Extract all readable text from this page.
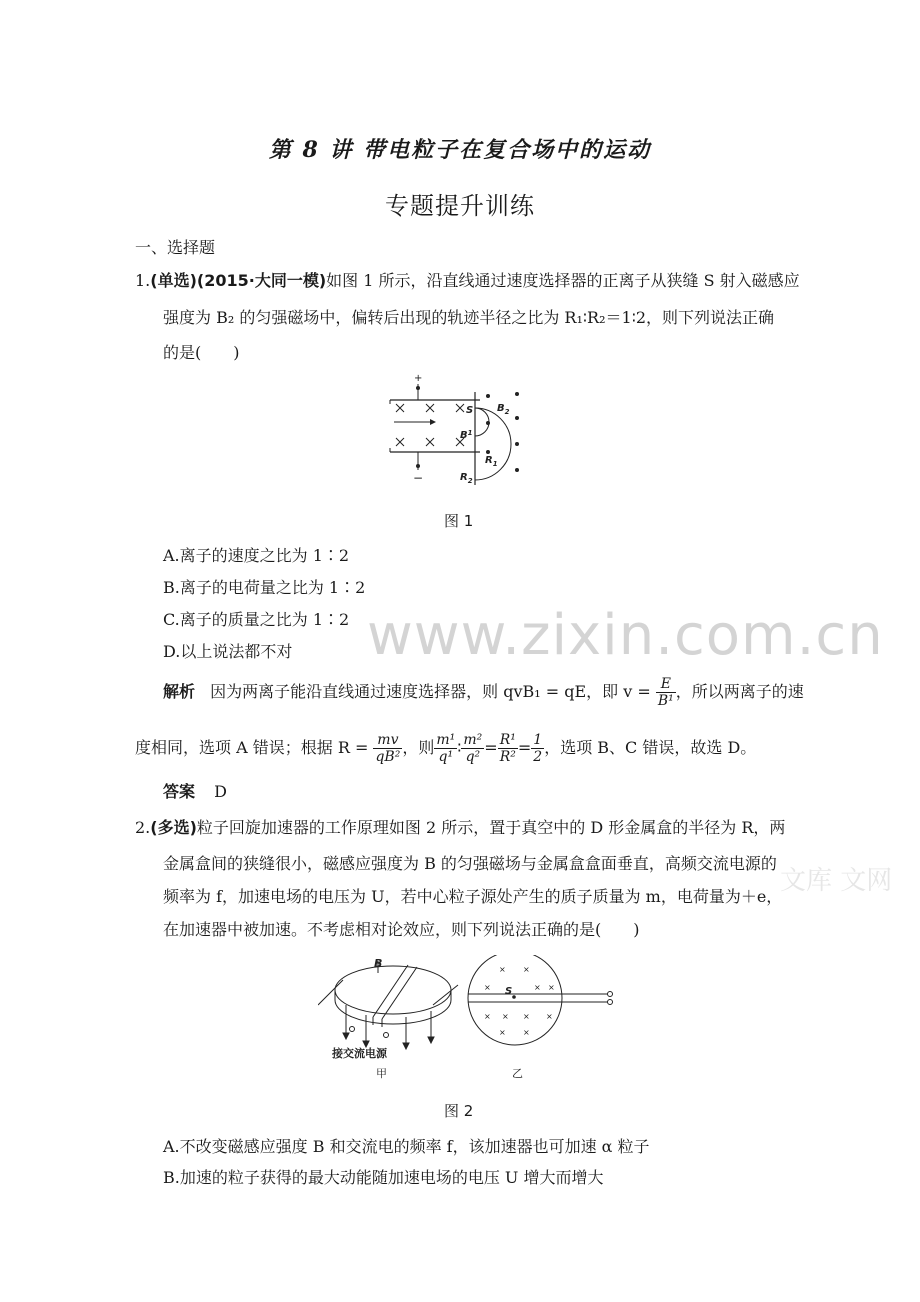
www.zixin.com.cn
文库 文网
第 8 讲 带电粒子在复合场中的运动
专题提升训练
一、选择题
1.(单选)(2015·大同一模)如图 1 所示，沿直线通过速度选择器的正离子从狭缝 S 射入磁感应
强度为 B₂ 的匀强磁场中，偏转后出现的轨迹半径之比为 R₁∶R₂＝1∶2，则下列说法正确
的是(　　)
+
−
S $B_2$
$B^1$
$R_1$
$R_2$
图 1
A.离子的速度之比为 1∶2
B.离子的电荷量之比为 1∶2
C.离子的质量之比为 1∶2
D.以上说法都不对
解析 因为两离子能沿直线通过速度选择器，则 qvB₁ = qE，即 $v = \frac{E}{\text{B¹}}$ ，所以两离子的速
度相同，选项 A 错误；根据 $R = \frac{mv}{\text{qB²}}$ ，则 $\frac{\text{m¹}}{\text{q¹}}$ ∶ $\frac{\text{m²}}{\text{q²}} = \frac{\text{R¹}}{\text{R²}} = \frac{1}{2}$ ，选项 B、C 错误，故选 D。
答案 D
2.(多选)粒子回旋加速器的工作原理如图 2 所示，置于真空中的 D 形金属盒的半径为 R，两
金属盒间的狭缝很小，磁感应强度为 B 的匀强磁场与金属盒盒面垂直，高频交流电源的
频率为 f，加速电场的电压为 U，若中心粒子源处产生的质子质量为 m，电荷量为＋e，
在加速器中被加速。不考虑相对论效应，则下列说法正确的是(　　)
B
接交流电源
甲
× ×
×	× ×
× × × ×
× ×
S
乙
图 2
A.不改变磁感应强度 B 和交流电的频率 f，该加速器也可加速 α 粒子
B.加速的粒子获得的最大动能随加速电场的电压 U 增大而增大
